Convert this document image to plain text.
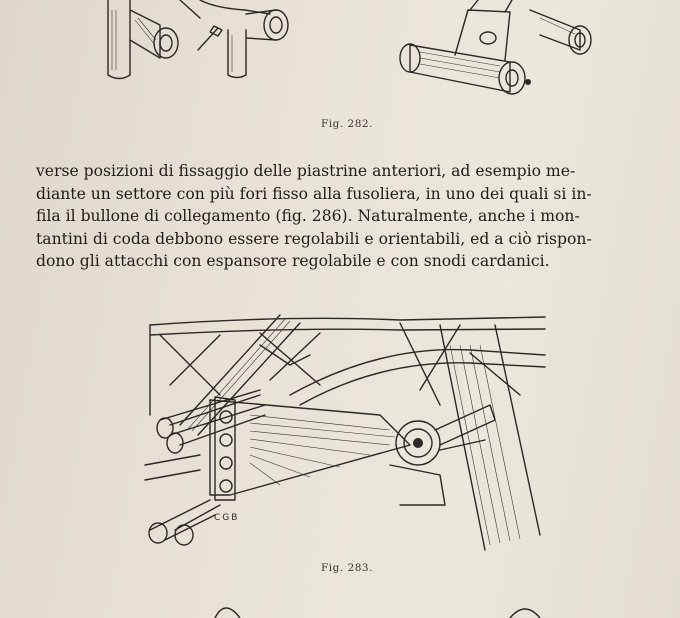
Fig. 282.
verse posizioni di fissaggio delle piastrine anteriori, ad esempio me-
diante un settore con più fori fisso alla fusoliera, in uno dei quali si in-
fila il bullone di collegamento (fig. 286). Naturalmente, anche i mon-
tantini di coda debbono essere regolabili e orientabili, ed a ciò rispon-
dono gli attacchi con espansore regolabile e con snodi cardanici.
CGB
Fig. 283.
